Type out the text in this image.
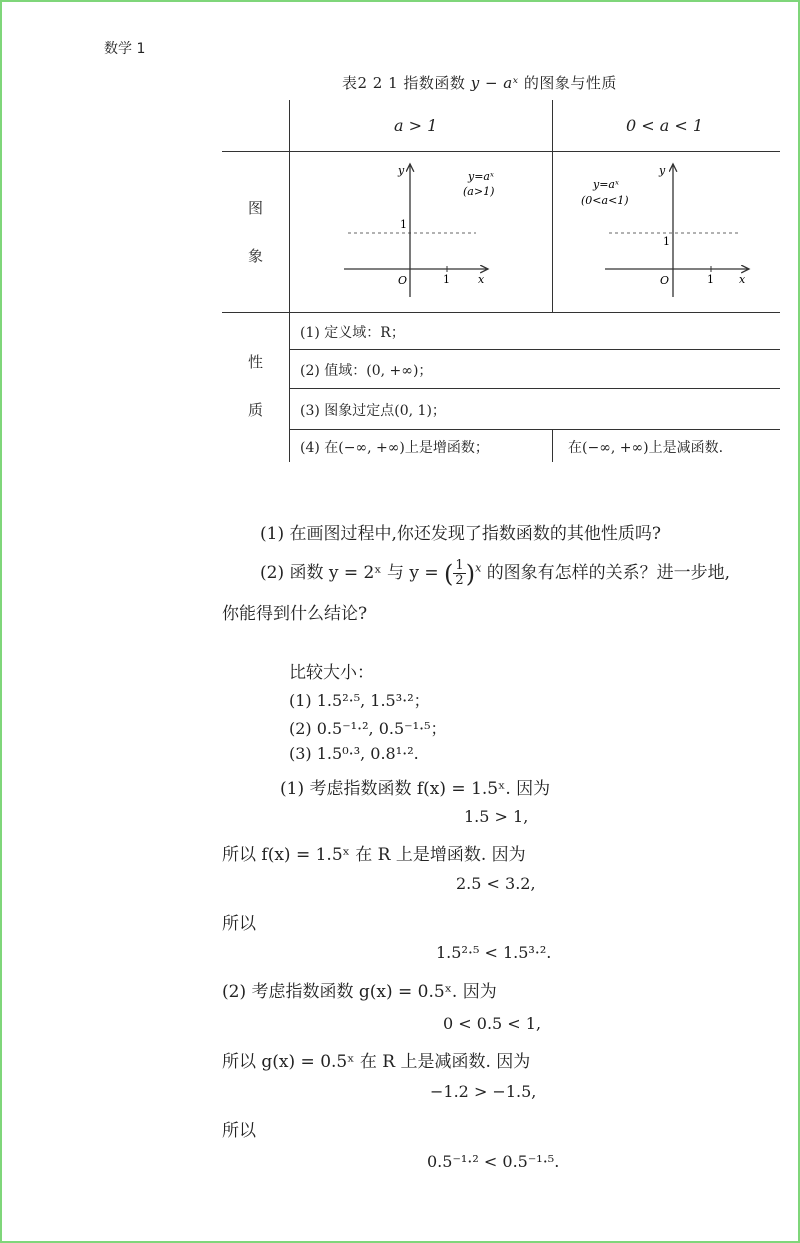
数学 1
表2 2 1 指数函数 y − aˣ 的图象与性质
a > 1	0 < a < 1
图
象
性
质
y
x
O
1
1
y=aˣ
(a>1)
y
x
O
1
1
y=aˣ
(0<a<1)
(1) 定义域：R；
(2) 值域：(0, +∞)；
(3) 图象过定点(0, 1)；
(4) 在(−∞, +∞)上是增函数；	在(−∞, +∞)上是减函数.
(1) 在画图过程中,你还发现了指数函数的其他性质吗?
(2) 函数 y = 2ˣ 与 y = ( $\frac{1}{2} )^x$ 的图象有怎样的关系？进一步地,
你能得到什么结论?
比较大小：
(1) 1.5²·⁵, 1.5³·²；
(2) 0.5⁻¹·², 0.5⁻¹·⁵；
(3) 1.5⁰·³, 0.8¹·².
(1) 考虑指数函数 f(x) = 1.5ˣ. 因为
1.5 > 1,
所以 f(x) = 1.5ˣ 在 R 上是增函数. 因为
2.5 < 3.2,
所以
1.5²·⁵ < 1.5³·².
(2) 考虑指数函数 g(x) = 0.5ˣ. 因为
0 < 0.5 < 1,
所以 g(x) = 0.5ˣ 在 R 上是减函数. 因为
−1.2 > −1.5,
所以
0.5⁻¹·² < 0.5⁻¹·⁵.
